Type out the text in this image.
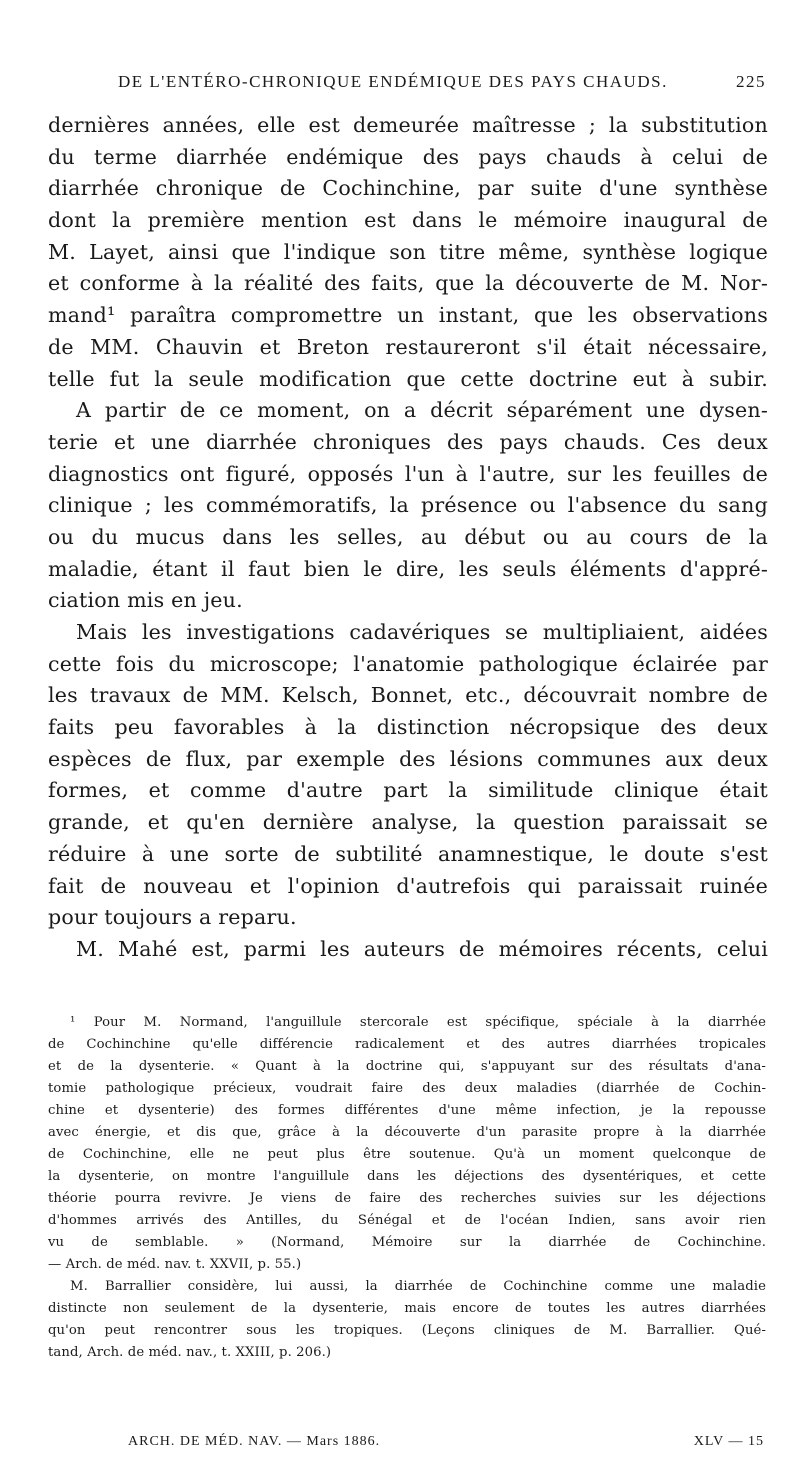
DE L'ENTÉRO-CHRONIQUE ENDÉMIQUE DES PAYS CHAUDS.	225
dernières années, elle est demeurée maîtresse ; la substitution
du terme diarrhée endémique des pays chauds à celui de
diarrhée chronique de Cochinchine, par suite d'une synthèse
dont la première mention est dans le mémoire inaugural de
M. Layet, ainsi que l'indique son titre même, synthèse logique
et conforme à la réalité des faits, que la découverte de M. Nor-
mand¹ paraîtra compromettre un instant, que les observations
de MM. Chauvin et Breton restaureront s'il était nécessaire,
telle fut la seule modification que cette doctrine eut à subir.
A partir de ce moment, on a décrit séparément une dysen-
terie et une diarrhée chroniques des pays chauds. Ces deux
diagnostics ont figuré, opposés l'un à l'autre, sur les feuilles de
clinique ; les commémoratifs, la présence ou l'absence du sang
ou du mucus dans les selles, au début ou au cours de la
maladie, étant il faut bien le dire, les seuls éléments d'appré-
ciation mis en jeu.
Mais les investigations cadavériques se multipliaient, aidées
cette fois du microscope; l'anatomie pathologique éclairée par
les travaux de MM. Kelsch, Bonnet, etc., découvrait nombre de
faits peu favorables à la distinction nécropsique des deux
espèces de flux, par exemple des lésions communes aux deux
formes, et comme d'autre part la similitude clinique était
grande, et qu'en dernière analyse, la question paraissait se
réduire à une sorte de subtilité anamnestique, le doute s'est
fait de nouveau et l'opinion d'autrefois qui paraissait ruinée
pour toujours a reparu.
M. Mahé est, parmi les auteurs de mémoires récents, celui

¹ Pour M. Normand, l'anguillule stercorale est spécifique, spéciale à la diarrhée

de Cochinchine qu'elle différencie radicalement et des autres diarrhées tropicales

et de la dysenterie. « Quant à la doctrine qui, s'appuyant sur des résultats d'ana-

tomie pathologique précieux, voudrait faire des deux maladies (diarrhée de Cochin-

chine et dysenterie) des formes différentes d'une même infection, je la repousse

avec énergie, et dis que, grâce à la découverte d'un parasite propre à la diarrhée

de Cochinchine, elle ne peut plus être soutenue. Qu'à un moment quelconque de

la dysenterie, on montre l'anguillule dans les déjections des dysentériques, et cette

théorie pourra revivre. Je viens de faire des recherches suivies sur les déjections

d'hommes arrivés des Antilles, du Sénégal et de l'océan Indien, sans avoir rien

vu de semblable. » (Normand, Mémoire sur la diarrhée de Cochinchine.

— Arch. de méd. nav. t. XXVII, p. 55.)

M. Barrallier considère, lui aussi, la diarrhée de Cochinchine comme une maladie

distincte non seulement de la dysenterie, mais encore de toutes les autres diarrhées

qu'on peut rencontrer sous les tropiques. (Leçons cliniques de M. Barrallier. Qué-

tand, Arch. de méd. nav., t. XXIII, p. 206.)

ARCH. DE MÉD. NAV. — Mars 1886.	XLV — 15
